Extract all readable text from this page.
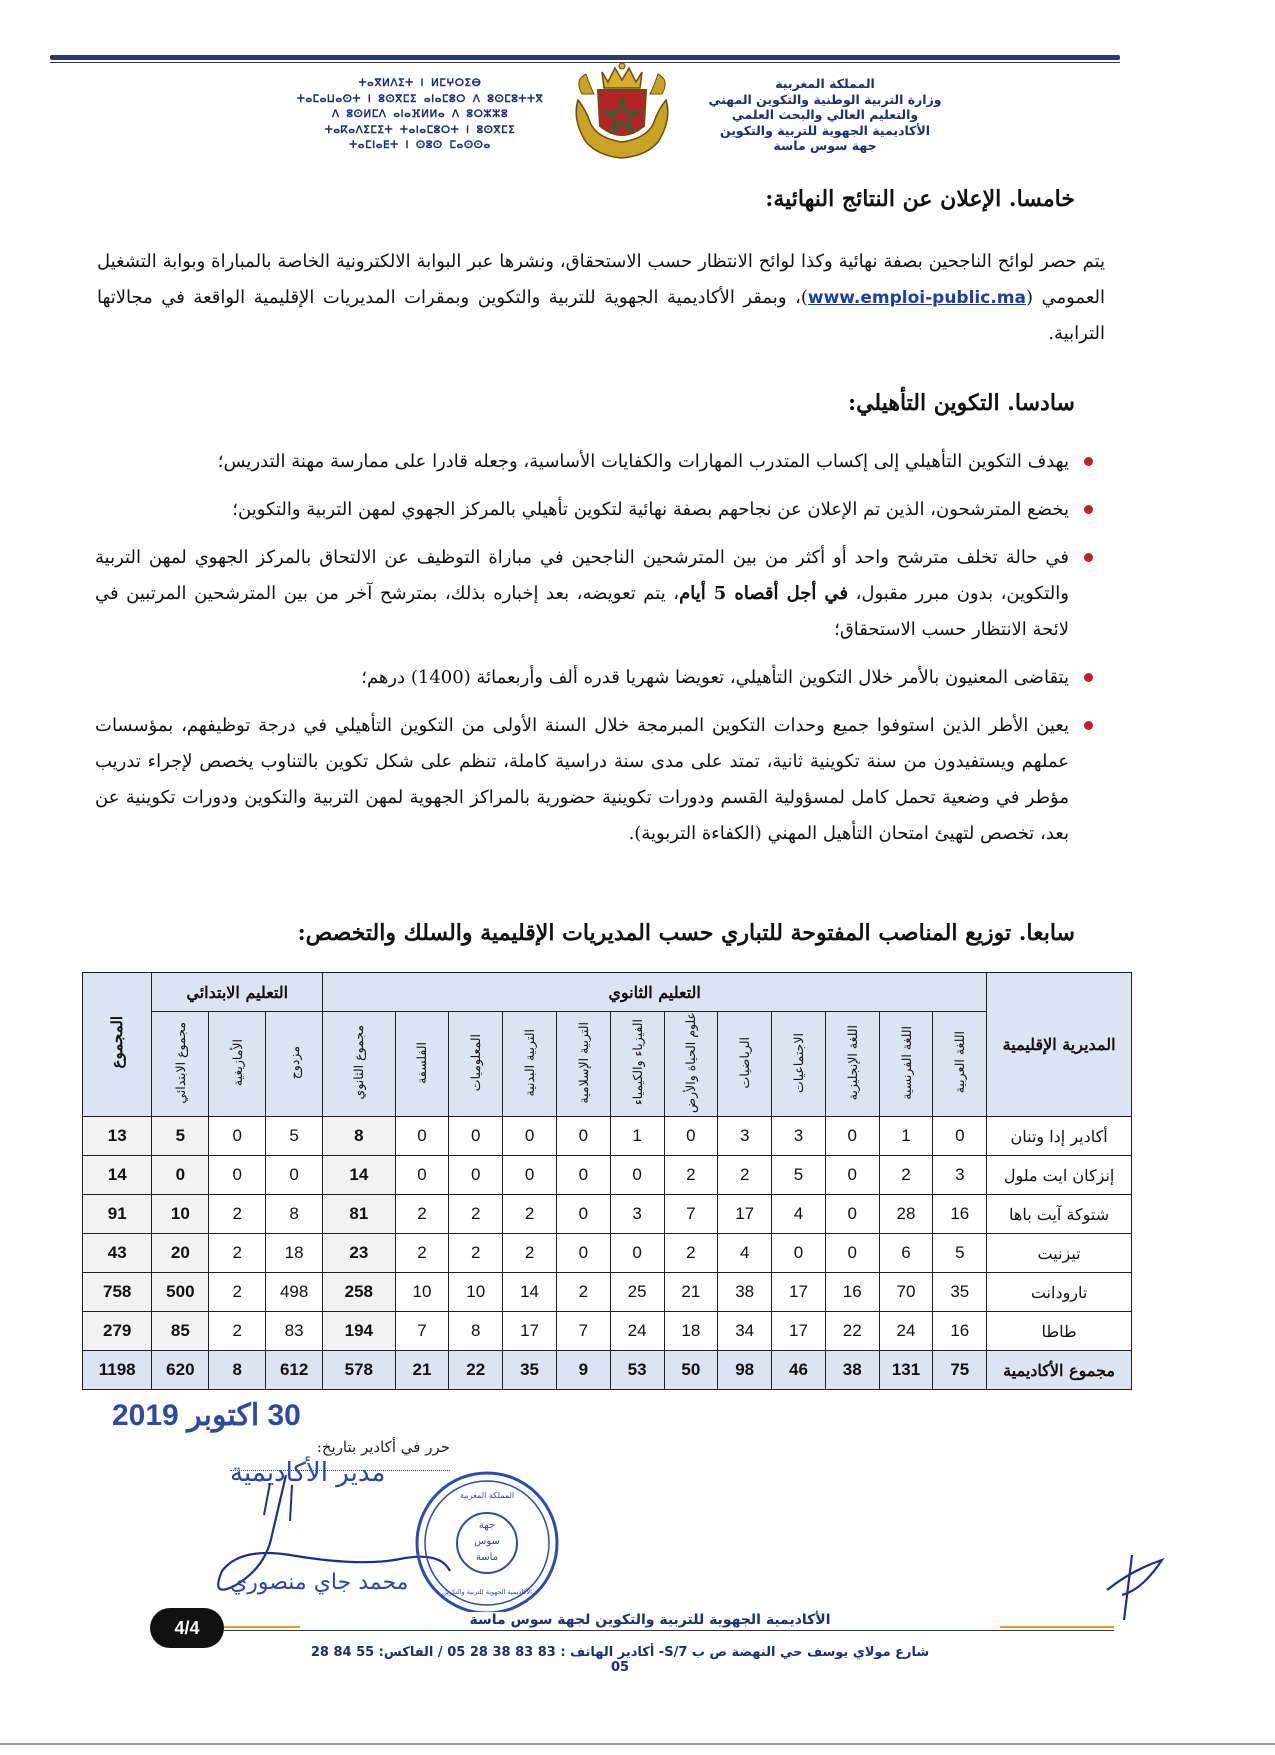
المملكة المغربية
وزارة التربية الوطنية والتكوين المهني
والتعليم العالي والبحث العلمي
الأكاديمية الجهوية للتربية والتكوين
جهة سوس ماسة
ⵜⴰⴳⵍⴷⵉⵜ ⵏ ⵍⵎⵖⵔⵉⴱ
ⵜⴰⵎⴰⵡⴰⵙⵜ ⵏ ⵓⵙⴳⵎⵉ ⴰⵏⴰⵎⵓⵔ ⴷ ⵓⵙⵎⵓⵜⵜⴳ
ⴷ ⵓⵙⵍⵎⴷ ⴰⵏⴰⴼⵍⵍⴰ ⴷ ⵓⵔⵣⵣⵓ
ⵜⴰⴽⴰⴷⵉⵎⵉⵜ ⵜⴰⵏⴰⵎⵓⵔⵜ ⵏ ⵓⵙⴳⵎⵉ
ⵜⴰⵎⵏⴰⴹⵜ ⵏ ⵙⵓⵙ ⵎⴰⵙⵙⴰ
خامسا. الإعلان عن النتائج النهائية:
يتم حصر لوائح الناجحين بصفة نهائية وكذا لوائح الانتظار حسب الاستحقاق، ونشرها عبر البوابة الالكترونية الخاصة بالمباراة وبوابة التشغيل العمومي (www.emploi-public.ma)، وبمقر الأكاديمية الجهوية للتربية والتكوين وبمقرات المديريات الإقليمية الواقعة في مجالاتها الترابية.
سادسا. التكوين التأهيلي:
يهدف التكوين التأهيلي إلى إكساب المتدرب المهارات والكفايات الأساسية، وجعله قادرا على ممارسة مهنة التدريس؛
يخضع المترشحون، الذين تم الإعلان عن نجاحهم بصفة نهائية لتكوين تأهيلي بالمركز الجهوي لمهن التربية والتكوين؛
في حالة تخلف مترشح واحد أو أكثر من بين المترشحين الناجحين في مباراة التوظيف عن الالتحاق بالمركز الجهوي لمهن التربية والتكوين، بدون مبرر مقبول، في أجل أقصاه 5 أيام، يتم تعويضه، بعد إخباره بذلك، بمترشح آخر من بين المترشحين المرتبين في لائحة الانتظار حسب الاستحقاق؛
يتقاضى المعنيون بالأمر خلال التكوين التأهيلي، تعويضا شهريا قدره ألف وأربعمائة (1400) درهم؛
يعين الأطر الذين استوفوا جميع وحدات التكوين المبرمجة خلال السنة الأولى من التكوين التأهيلي في درجة توظيفهم، بمؤسسات عملهم ويستفيدون من سنة تكوينية ثانية، تمتد على مدى سنة دراسية كاملة، تنظم على شكل تكوين بالتناوب يخصص لإجراء تدريب مؤطر في وضعية تحمل كامل لمسؤولية القسم ودورات تكوينية حضورية بالمراكز الجهوية لمهن التربية والتكوين ودورات تكوينية عن بعد، تخصص لتهيئ امتحان التأهيل المهني (الكفاءة التربوية).
سابعا. توزيع المناصب المفتوحة للتباري حسب المديريات الإقليمية والسلك والتخصص:
المديرية الإقليمية	التعليم الثانوي												التعليم الابتدائي			المجموع
	اللغة العربية	اللغة الفرنسية	اللغة الإنجليزية	الاجتماعيات	الرياضيات	علوم الحياة والأرض	الفيزياء والكيمياء	التربية الإسلامية	التربية البدنية	المعلوميات	الفلسفة	مجموع الثانوي	مزدوج	الأمازيغية	مجموع الابتدائي	
أكادير إدا وتنان	0	1	0	3	3	0	1	0	0	0	0	8	5	0	5	13
إنزكان ايت ملول	3	2	0	5	2	2	0	0	0	0	0	14	0	0	0	14
شتوكة آيت باها	16	28	0	4	17	7	3	0	2	2	2	81	8	2	10	91
تيزنيت	5	6	0	0	4	2	0	0	2	2	2	23	18	2	20	43
تارودانت	35	70	16	17	38	21	25	2	14	10	10	258	498	2	500	758
طاطا	16	24	22	17	34	18	24	7	17	8	7	194	83	2	85	279
مجموع الأكاديمية	75	131	38	46	98	50	53	9	35	22	21	578	612	8	620	1198
30 اكتوبر 2019
حرر في أكادير بتاريخ:
مدير الأكاديمية
جهة
سوس
ماسة
المملكة المغربية
الأكاديمية الجهوية للتربية والتكوين
محمد جاي منصوري
4/4	الأكاديمية الجهوية للتربية والتكوين لجهة سوس ماسة
شارع مولاي يوسف حي النهضة ص ب 7/S- أكادير الهاتف : 83 83 38 28 05 / الفاكس: 55 84 28 05
